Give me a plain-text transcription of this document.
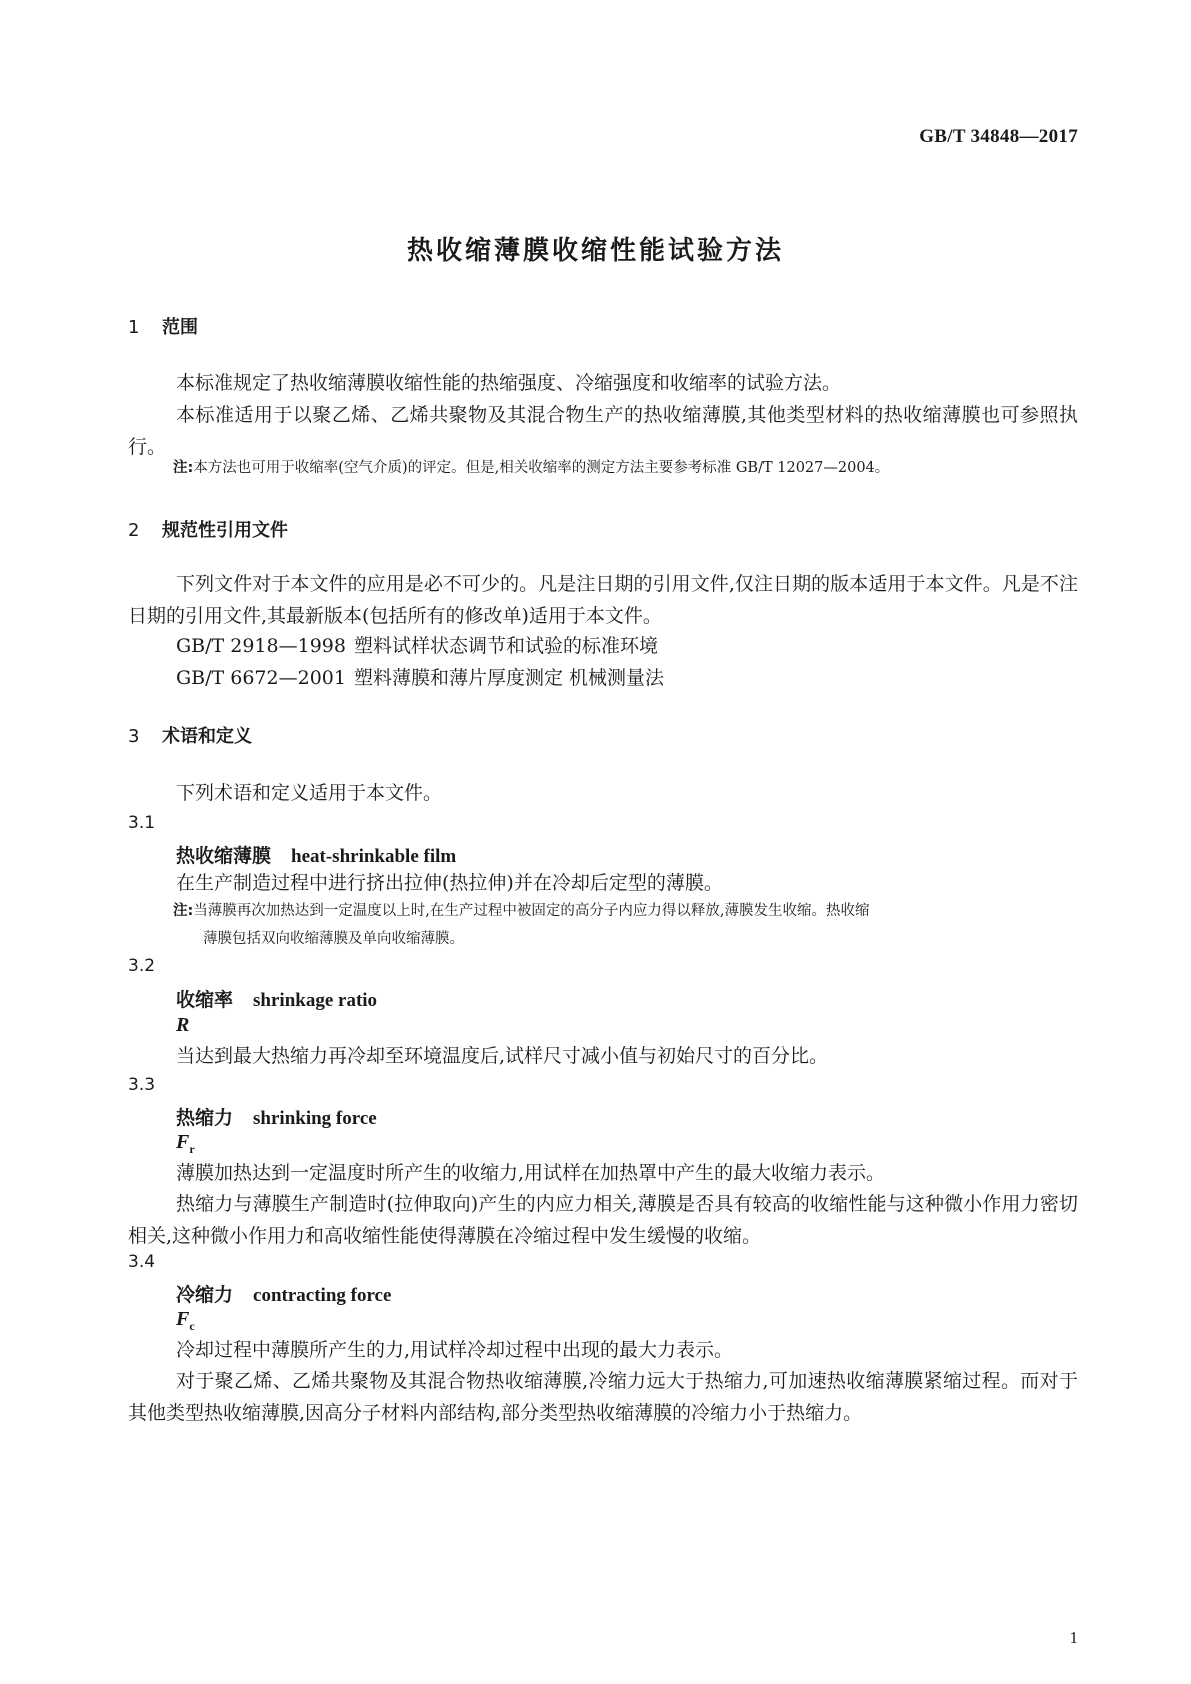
GB/T 34848—2017
热收缩薄膜收缩性能试验方法
1 范围
本标准规定了热收缩薄膜收缩性能的热缩强度、冷缩强度和收缩率的试验方法。
本标准适用于以聚乙烯、乙烯共聚物及其混合物生产的热收缩薄膜,其他类型材料的热收缩薄膜也可参照执行。
注:本方法也可用于收缩率(空气介质)的评定。但是,相关收缩率的测定方法主要参考标准 GB/T 12027—2004。
2 规范性引用文件
下列文件对于本文件的应用是必不可少的。凡是注日期的引用文件,仅注日期的版本适用于本文件。凡是不注日期的引用文件,其最新版本(包括所有的修改单)适用于本文件。
GB/T 2918—1998 塑料试样状态调节和试验的标准环境
GB/T 6672—2001 塑料薄膜和薄片厚度测定 机械测量法
3 术语和定义
下列术语和定义适用于本文件。
3.1
热收缩薄膜 heat-shrinkable film
在生产制造过程中进行挤出拉伸(热拉伸)并在冷却后定型的薄膜。
注:当薄膜再次加热达到一定温度以上时,在生产过程中被固定的高分子内应力得以释放,薄膜发生收缩。热收缩
薄膜包括双向收缩薄膜及单向收缩薄膜。
3.2
收缩率 shrinkage ratio
R
当达到最大热缩力再冷却至环境温度后,试样尺寸减小值与初始尺寸的百分比。
3.3
热缩力 shrinking force
$F_r$
薄膜加热达到一定温度时所产生的收缩力,用试样在加热罩中产生的最大收缩力表示。
热缩力与薄膜生产制造时(拉伸取向)产生的内应力相关,薄膜是否具有较高的收缩性能与这种微小作用力密切相关,这种微小作用力和高收缩性能使得薄膜在冷缩过程中发生缓慢的收缩。
3.4
冷缩力 contracting force
$F_c$
冷却过程中薄膜所产生的力,用试样冷却过程中出现的最大力表示。
对于聚乙烯、乙烯共聚物及其混合物热收缩薄膜,冷缩力远大于热缩力,可加速热收缩薄膜紧缩过程。而对于其他类型热收缩薄膜,因高分子材料内部结构,部分类型热收缩薄膜的冷缩力小于热缩力。
1
